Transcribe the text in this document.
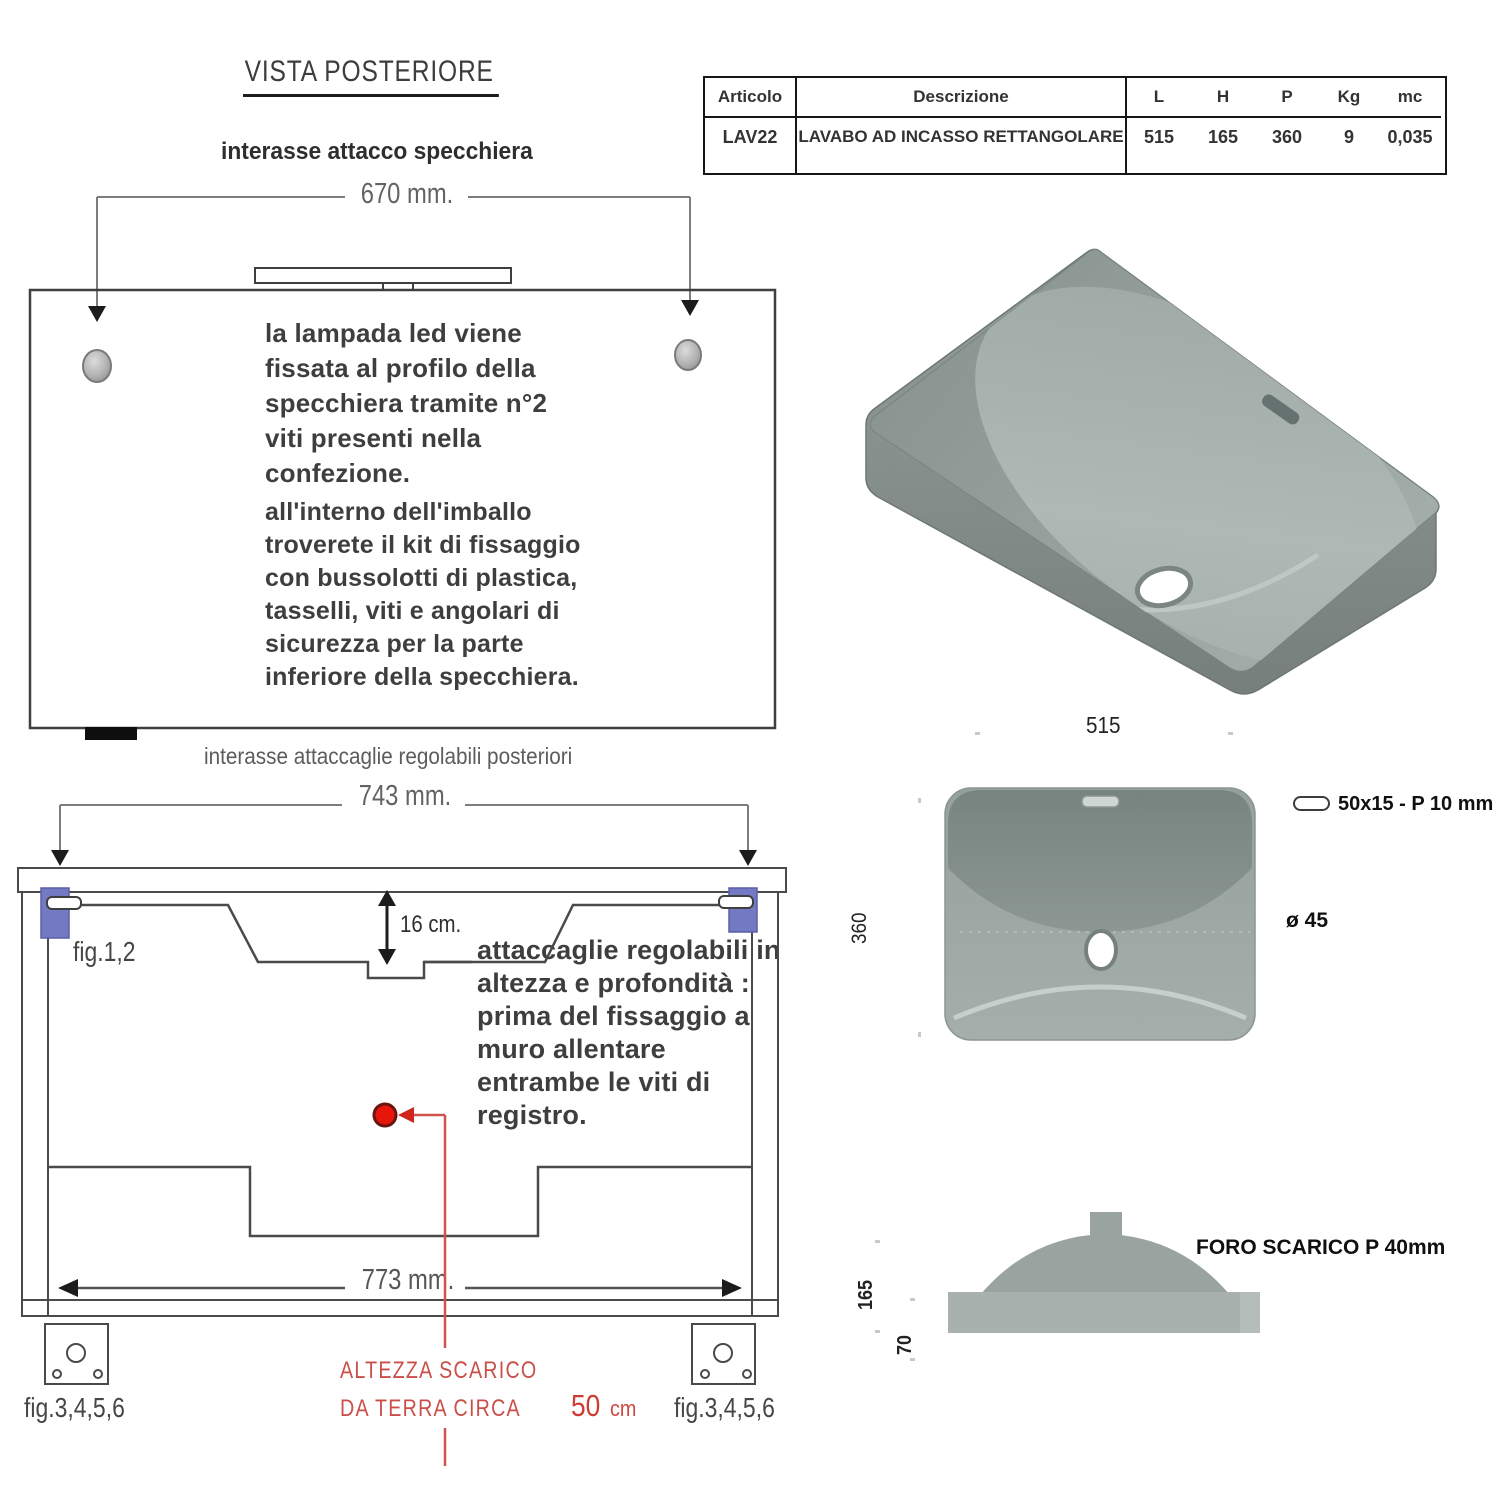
VISTA POSTERIORE
interasse attacco specchiera
670 mm.
la lampada led viene fissata al profilo della specchiera tramite n°2 viti presenti nella confezione.
all'interno dell'imballo troverete il kit di fissaggio con bussolotti di plastica, tasselli, viti e angolari di sicurezza per la parte inferiore della specchiera.
interasse attaccaglie regolabili posteriori
743 mm.
fig.1,2
16 cm.
attaccaglie regolabili in altezza e profondità : prima del fissaggio a muro allentare entrambe le viti di registro.
773 mm.
fig.3,4,5,6	fig.3,4,5,6
ALTEZZA SCARICO
DA TERRA CIRCA 50 cm
Articolo	Descrizione	L	H	P	Kg	mc
LAV22	LAVABO AD INCASSO RETTANGOLARE	515	165	360	9	0,035
515
360
50x15 - P 10 mm
ø 45
165
70
FORO SCARICO P 40mm
